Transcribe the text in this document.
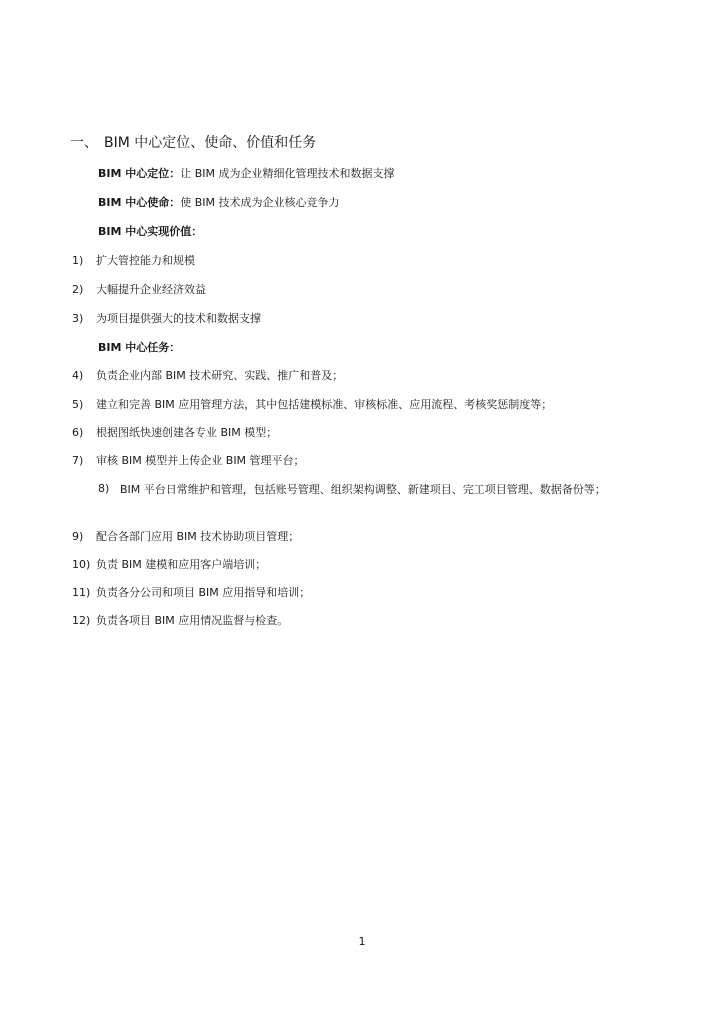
一、 BIM 中心定位、使命、价值和任务
BIM 中心定位：让 BIM 成为企业精细化管理技术和数据支撑
BIM 中心使命：使 BIM 技术成为企业核心竞争力
BIM 中心实现价值：
1)	扩大管控能力和规模
2)	大幅提升企业经济效益
3)	为项目提供强大的技术和数据支撑
BIM 中心任务：
4)	负责企业内部 BIM 技术研究、实践、推广和普及；
5)	建立和完善 BIM 应用管理方法，其中包括建模标准、审核标准、应用流程、考核奖惩制度等；
6)	根据图纸快速创建各专业 BIM 模型；
7)	审核 BIM 模型并上传企业 BIM 管理平台；
8) BIM 平台日常维护和管理，包括账号管理、组织架构调整、新建项目、完工项目管理、数据备份等；
9)	配合各部门应用 BIM 技术协助项目管理；
10) 负责 BIM 建模和应用客户端培训；
11) 负责各分公司和项目 BIM 应用指导和培训；
12) 负责各项目 BIM 应用情况监督与检查。
1
